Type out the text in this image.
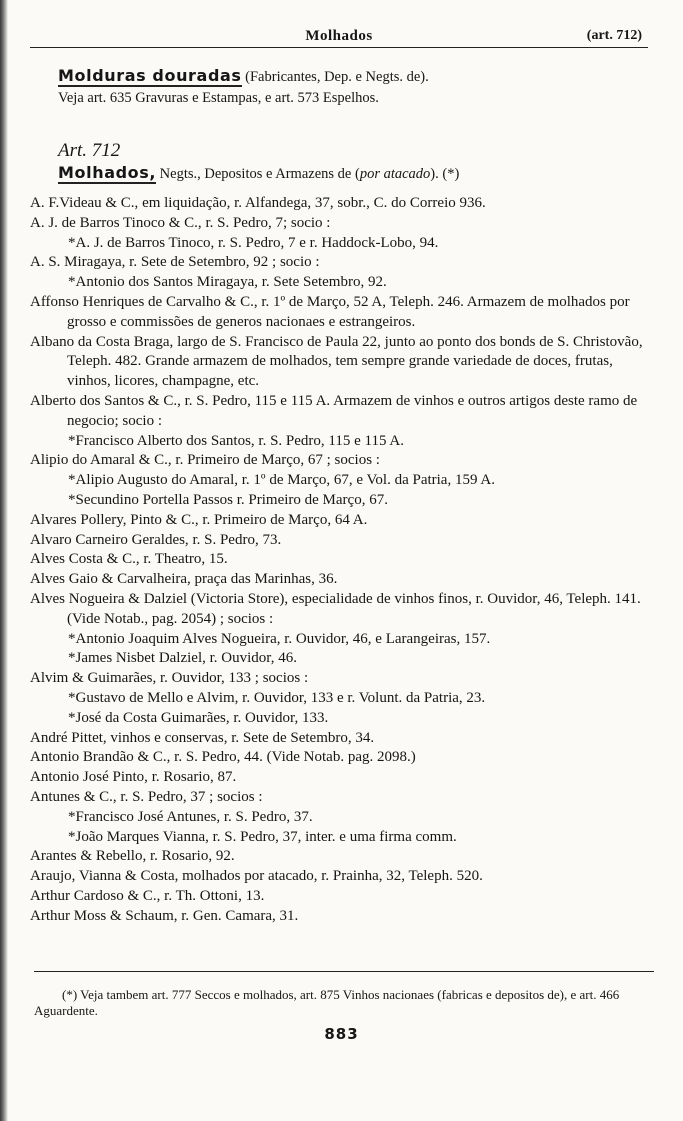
Molhados	(art. 712)
Molduras douradas (Fabricantes, Dep. e Negts. de).
Veja art. 635 Gravuras e Estampas, e art. 573 Espelhos.
Art. 712
Molhados, Negts., Depositos e Armazens de (por atacado). (*)

A. F.Videau & C., em liquidação, r. Alfandega, 37, sobr., C. do Correio 936.

A. J. de Barros Tinoco & C., r. S. Pedro, 7; socio :

*A. J. de Barros Tinoco, r. S. Pedro, 7 e r. Haddock-Lobo, 94.

A. S. Miragaya, r. Sete de Setembro, 92 ; socio :

*Antonio dos Santos Miragaya, r. Sete Setembro, 92.

Affonso Henriques de Carvalho & C., r. 1º de Março, 52 A, Teleph. 246. Armazem de molhados por grosso e commissões de generos nacionaes e estrangeiros.

Albano da Costa Braga, largo de S. Francisco de Paula 22, junto ao ponto dos bonds de S. Christovão, Teleph. 482. Grande armazem de molhados, tem sempre grande variedade de doces, frutas, vinhos, licores, champagne, etc.

Alberto dos Santos & C., r. S. Pedro, 115 e 115 A. Armazem de vinhos e outros artigos deste ramo de negocio; socio :

*Francisco Alberto dos Santos, r. S. Pedro, 115 e 115 A.

Alipio do Amaral & C., r. Primeiro de Março, 67 ; socios :

*Alipio Augusto do Amaral, r. 1º de Março, 67, e Vol. da Patria, 159 A.

*Secundino Portella Passos r. Primeiro de Março, 67.

Alvares Pollery, Pinto & C., r. Primeiro de Março, 64 A.

Alvaro Carneiro Geraldes, r. S. Pedro, 73.

Alves Costa & C., r. Theatro, 15.

Alves Gaio & Carvalheira, praça das Marinhas, 36.

Alves Nogueira & Dalziel (Victoria Store), especialidade de vinhos finos, r. Ouvidor, 46, Teleph. 141. (Vide Notab., pag. 2054) ; socios :

*Antonio Joaquim Alves Nogueira, r. Ouvidor, 46, e Larangeiras, 157.

*James Nisbet Dalziel, r. Ouvidor, 46.

Alvim & Guimarães, r. Ouvidor, 133 ; socios :

*Gustavo de Mello e Alvim, r. Ouvidor, 133 e r. Volunt. da Patria, 23.

*José da Costa Guimarães, r. Ouvidor, 133.

André Pittet, vinhos e conservas, r. Sete de Setembro, 34.

Antonio Brandão & C., r. S. Pedro, 44. (Vide Notab. pag. 2098.)

Antonio José Pinto, r. Rosario, 87.

Antunes & C., r. S. Pedro, 37 ; socios :

*Francisco José Antunes, r. S. Pedro, 37.

*João Marques Vianna, r. S. Pedro, 37, inter. e uma firma comm.

Arantes & Rebello, r. Rosario, 92.

Araujo, Vianna & Costa, molhados por atacado, r. Prainha, 32, Teleph. 520.

Arthur Cardoso & C., r. Th. Ottoni, 13.

Arthur Moss & Schaum, r. Gen. Camara, 31.

(*) Veja tambem art. 777 Seccos e molhados, art. 875 Vinhos nacionaes (fabricas e depositos de), e art. 466 Aguardente.
883
